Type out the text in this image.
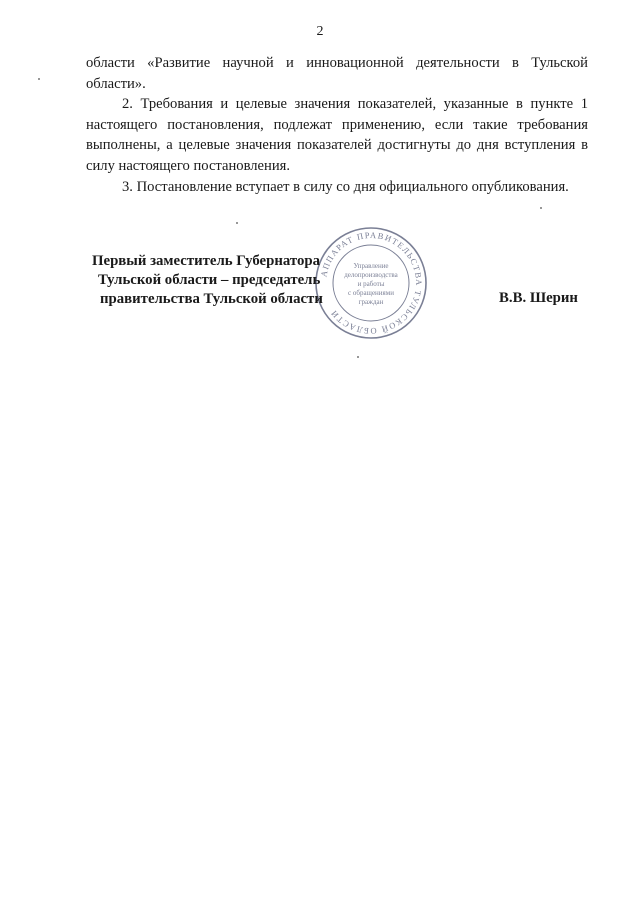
2

области «Развитие научной и инновационной деятельности в Тульской области».

2. Требования и целевые значения показателей, указанные в пункте 1 настоящего постановления, подлежат применению, если такие требования выполнены, а целевые значения показателей достигнуты до дня вступления в силу настоящего постановления.

3. Постановление вступает в силу со дня официального опубликования.

АППАРАТ ПРАВИТЕЛЬСТВА ТУЛЬСКОЙ ОБЛАСТИ
Управление
делопроизводства
и работы
с обращениями
граждан
Первый заместитель Губернатора
Тульской области – председатель
правительства Тульской области	В.В. Шерин
